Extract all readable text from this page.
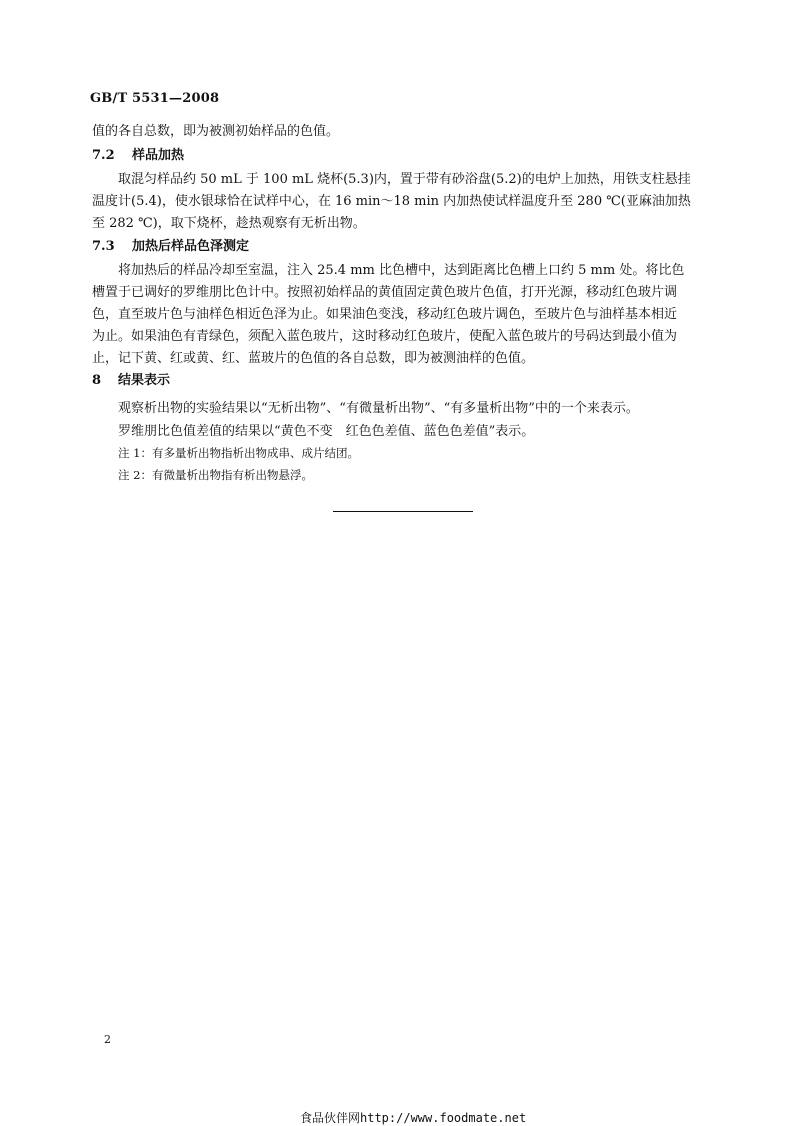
GB/T 5531—2008
值的各自总数，即为被测初始样品的色值。
7.2 样品加热
取混匀样品约 50 mL 于 100 mL 烧杯(5.3)内，置于带有砂浴盘(5.2)的电炉上加热，用铁支柱悬挂
温度计(5.4)，使水银球恰在试样中心，在 16 min～18 min 内加热使试样温度升至 280 ℃(亚麻油加热
至 282 ℃)，取下烧杯，趁热观察有无析出物。
7.3 加热后样品色泽测定
将加热后的样品冷却至室温，注入 25.4 mm 比色槽中，达到距离比色槽上口约 5 mm 处。将比色
槽置于已调好的罗维朋比色计中。按照初始样品的黄值固定黄色玻片色值，打开光源，移动红色玻片调
色，直至玻片色与油样色相近色泽为止。如果油色变浅，移动红色玻片调色，至玻片色与油样基本相近
为止。如果油色有青绿色，须配入蓝色玻片，这时移动红色玻片，使配入蓝色玻片的号码达到最小值为
止，记下黄、红或黄、红、蓝玻片的色值的各自总数，即为被测油样的色值。
8 结果表示
观察析出物的实验结果以“无析出物”、“有微量析出物”、“有多量析出物”中的一个来表示。
罗维朋比色值差值的结果以“黄色不变　红色色差值、蓝色色差值”表示。
注 1：有多量析出物指析出物成串、成片结团。
注 2：有微量析出物指有析出物悬浮。
2
食品伙伴网http://www.foodmate.net
